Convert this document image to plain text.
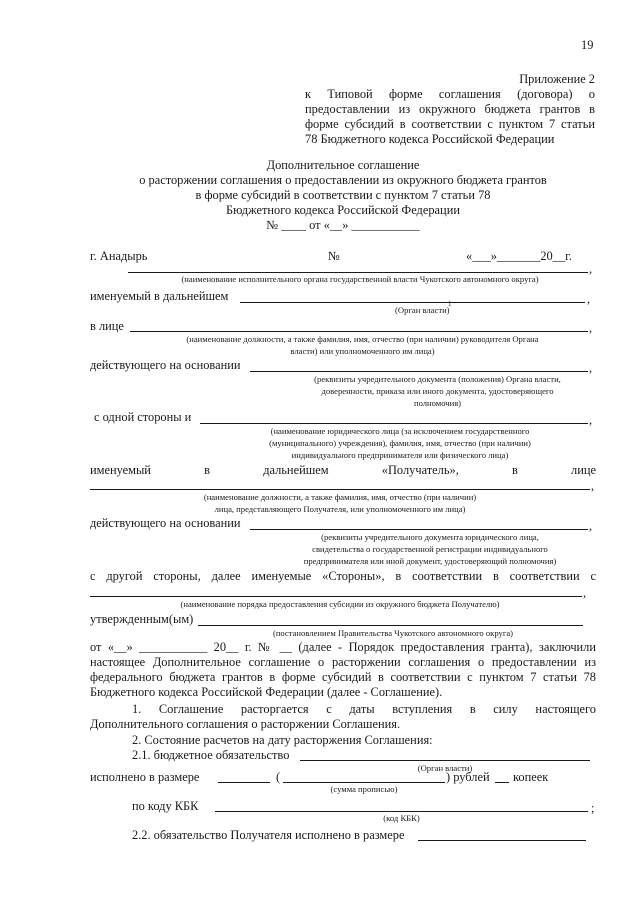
19
Приложение 2
к Типовой форме соглашения (договора) о
предоставлении из окружного бюджета грантов в
форме субсидий в соответствии с пунктом 7 статьи
78 Бюджетного кодекса Российской Федерации
Дополнительное соглашение
о расторжении соглашения о предоставлении из окружного бюджета грантов
в форме субсидий в соответствии с пунктом 7 статьи 78
Бюджетного кодекса Российской Федерации
№ ____ от «__» ___________
г. Анадырь	№	«___»_______20__г.
,
(наименование исполнительного органа государственной власти Чукотского автономного округа)
именуемый в дальнейшем	,
(Орган власти)
1
в лице	,
(наименование должности, а также фамилия, имя, отчество (при наличии) руководителя Органа
власти) или уполномоченного им лица)
действующего на основании	,
(реквизиты учредительного документа (положения) Органа власти,
доверенности, приказа или иного документа, удостоверяющего
полномочия)
с одной стороны и	,
(наименование юридического лица (за исключением государственного
(муниципального) учреждения), фамилия, имя, отчество (при наличии)
индивидуального предпринимателя или физического лица)
именуемый в дальнейшем «Получатель», в лице
,
(наименование должности, а также фамилия, имя, отчество (при наличии)
лица, представляющего Получателя, или уполномоченного им лица)
действующего на основании	,
(реквизиты учредительного документа юридического лица,
свидетельства о государственной регистрации индивидуального
предпринимателя или иной документ, удостоверяющий полномочия)
с другой стороны, далее именуемые «Стороны», в соответствии в соответствии с
,
(наименование порядка предоставления субсидии из окружного бюджета Получателю)
утвержденным(ым)
(постановлением Правительства Чукотского автономного округа)
от «__» ___________ 20__ г. № __ (далее - Порядок предоставления гранта), заключили
настоящее Дополнительное соглашение о расторжении соглашения о предоставлении из
федерального бюджета грантов в форме субсидий в соответствии с пунктом 7 статьи 78
Бюджетного кодекса Российской Федерации (далее - Соглашение).
1. Соглашение расторгается с даты вступления в силу настоящего
Дополнительного соглашения о расторжении Соглашения.
2. Состояние расчетов на дату расторжения Соглашения:
2.1. бюджетное обязательство
(Орган власти)
исполнено в размере	(	) рублей копеек
(сумма прописью)
по коду КБК	;
(код КБК)
2.2. обязательство Получателя исполнено в размере
